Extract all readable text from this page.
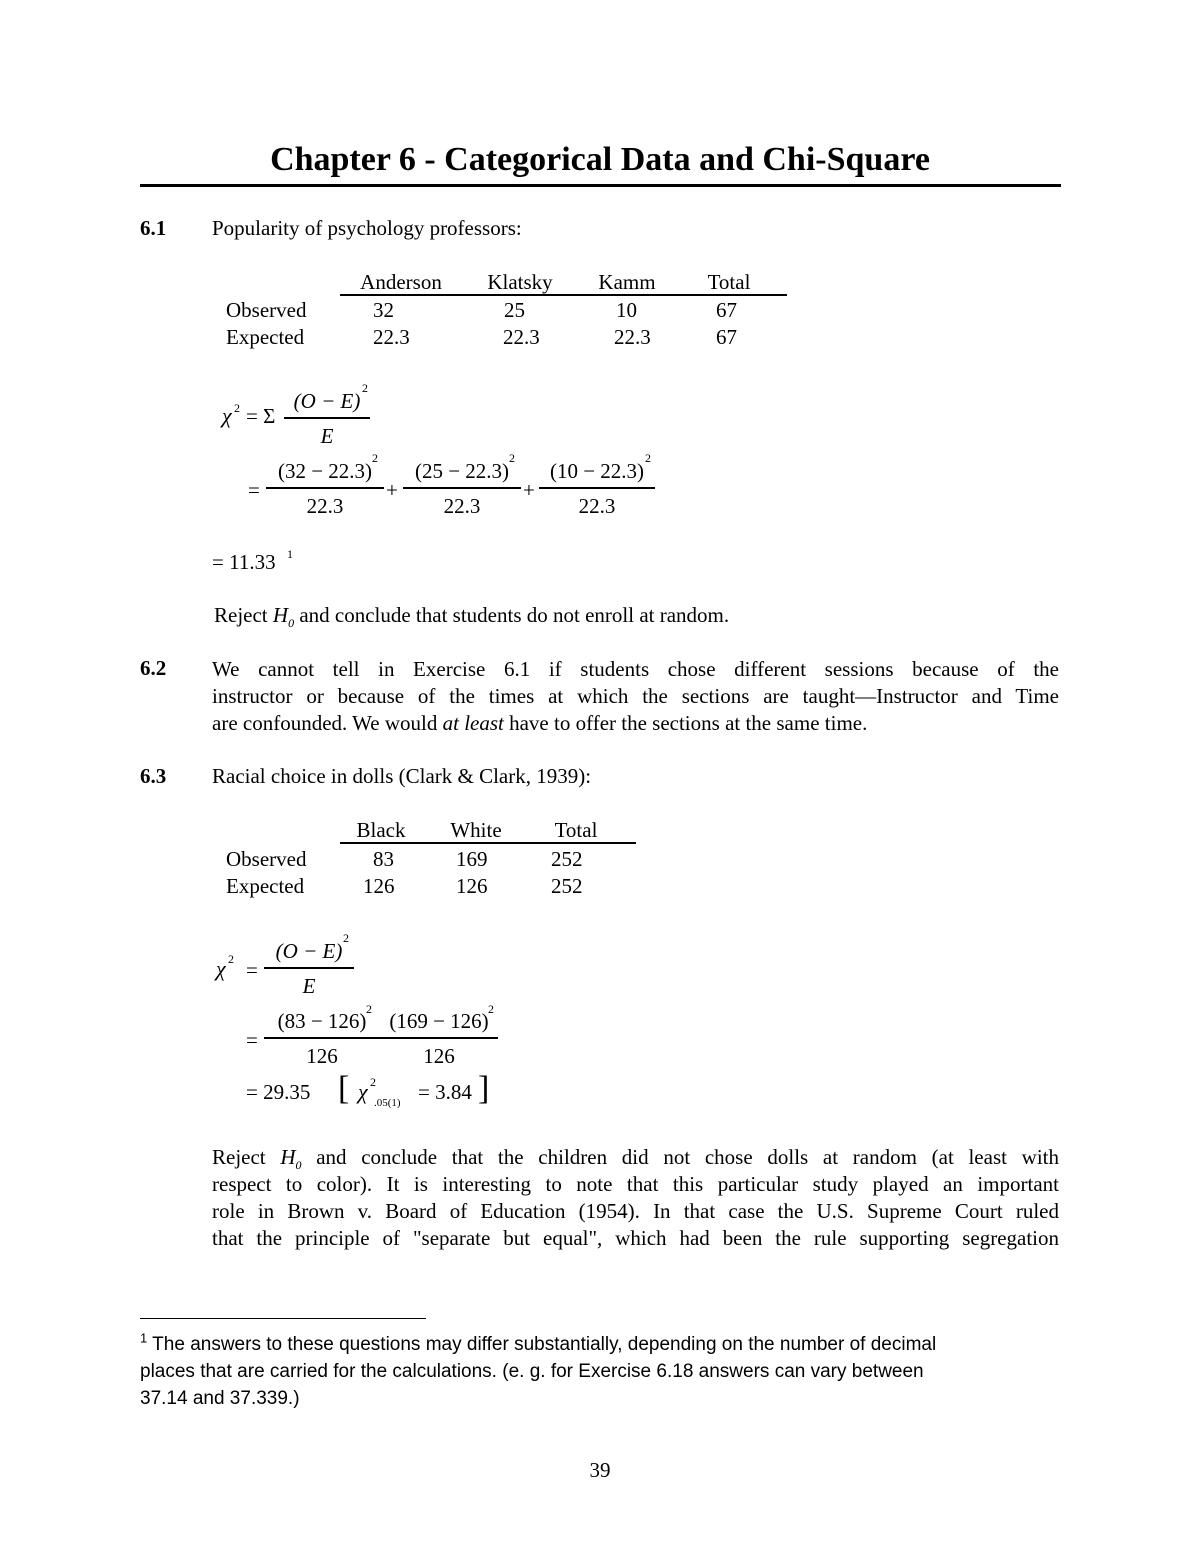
Chapter 6 - Categorical Data and Chi-Square
6.1 Popularity of psychology professors:
Anderson	Klatsky	Kamm	Total
Observed	32	25	10	67
Expected	22.3	22.3	22.3	67
χ 2 = Σ
(O − E)
E
2
=
(32 − 22.3)
22.3
2
+
(25 − 22.3)
22.3
2
+
(10 − 22.3)
22.3
2
= 11.33 1
Reject $H_0$ and conclude that students do not enroll at random.
6.2 We cannot tell in Exercise 6.1 if students chose different sessions because of the
instructor or because of the times at which the sections are taught—Instructor and Time
are confounded. We would at least have to offer the sections at the same time.
6.3 Racial choice in dolls (Clark & Clark, 1939):
Black	White	Total
Observed	83	169	252
Expected	126	126	252
χ 2 =
(O − E)
E
2
=
(83 − 126)
126
2 (169 − 126)
126
2
= 29.35 [ χ 2
.05(1) = 3.84 ]
Reject $H_0$ and conclude that the children did not chose dolls at random (at least with
respect to color). It is interesting to note that this particular study played an important
role in Brown v. Board of Education (1954). In that case the U.S. Supreme Court ruled
that the principle of "separate but equal", which had been the rule supporting segregation
$^1$ The answers to these questions may differ substantially, depending on the number of decimal
places that are carried for the calculations. (e. g. for Exercise 6.18 answers can vary between
37.14 and 37.339.)
39
